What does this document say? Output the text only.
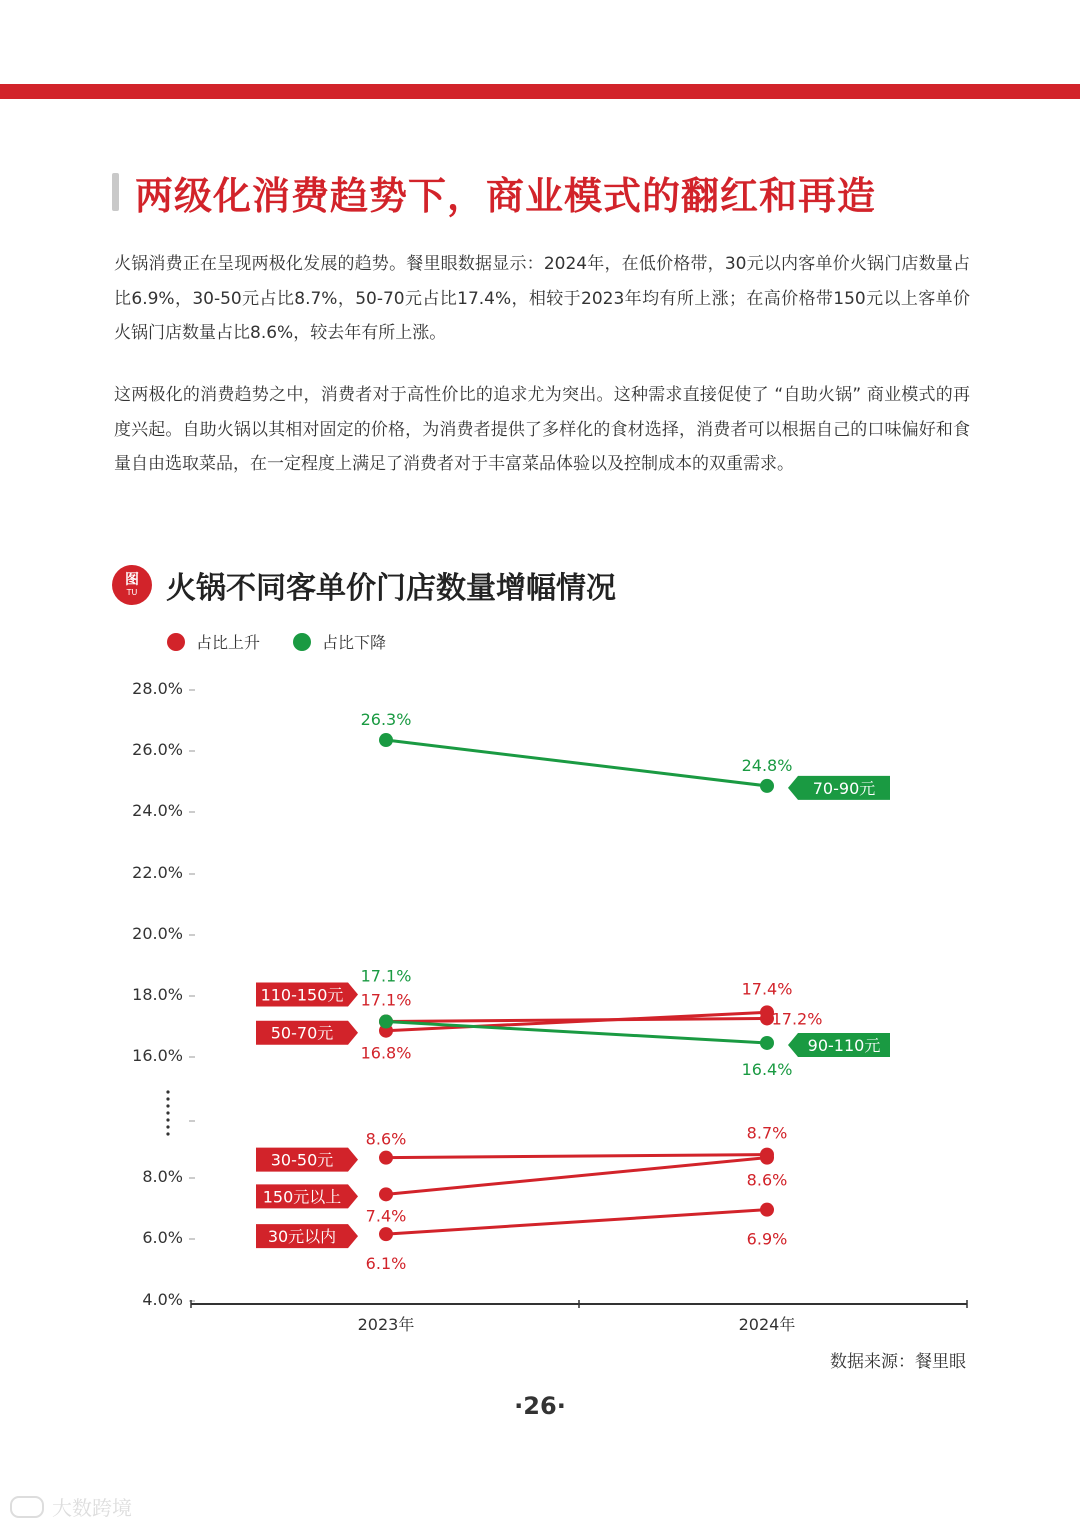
两级化消费趋势下，商业模式的翻红和再造

火锅消费正在呈现两极化发展的趋势。餐里眼数据显示：2024年，在低价格带，30元以内客单价火锅门店数量占比6.9%，30-50元占比8.7%，50-70元占比17.4%，相较于2023年均有所上涨；在高价格带150元以上客单价火锅门店数量占比8.6%，较去年有所上涨。

这两极化的消费趋势之中，消费者对于高性价比的追求尤为突出。这种需求直接促使了 “自助火锅” 商业模式的再度兴起。自助火锅以其相对固定的价格，为消费者提供了多样化的食材选择，消费者可以根据自己的口味偏好和食量自由选取菜品，在一定程度上满足了消费者对于丰富菜品体验以及控制成本的双重需求。

图
TU 火锅不同客单价门店数量增幅情况
占比上升	占比下降
28.0%
26.0%
24.0%
22.0%
20.0%
18.0%
16.0%
8.0%
6.0%
4.0%
2023年	2024年
26.3%
24.8%
17.1%
17.2%
16.8%
17.4%
17.1%
16.4%
8.6%	8.7%
7.4%
8.6%
6.1%
6.9%
70-90元
110-150元
50-70元
90-110元
30-50元
150元以上
30元以内
数据来源：餐里眼
·26·
大数跨境
